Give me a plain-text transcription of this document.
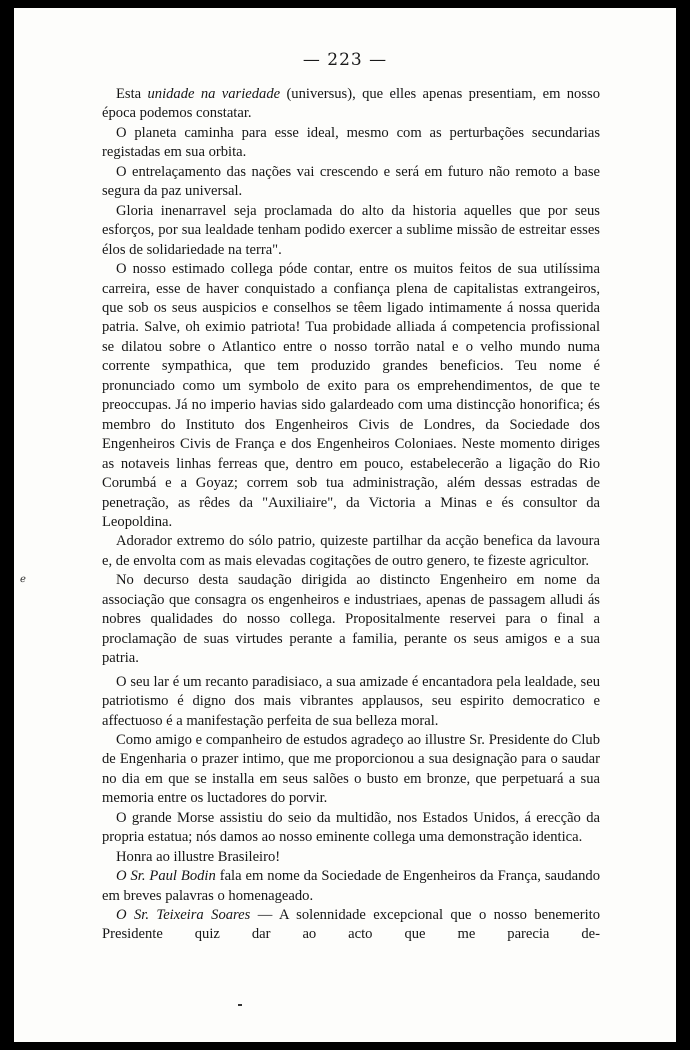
— 223 —

Esta unidade na variedade (universus), que elles apenas presentiam, em nosso época podemos constatar.

O planeta caminha para esse ideal, mesmo com as perturbações secundarias registadas em sua orbita.

O entrelaçamento das nações vai crescendo e será em futuro não remoto a base segura da paz universal.

Gloria inenarravel seja proclamada do alto da historia aquelles que por seus esforços, por sua lealdade tenham podido exercer a sublime missão de estreitar esses élos de solidariedade na terra".

O nosso estimado collega póde contar, entre os muitos feitos de sua utilíssima carreira, esse de haver conquistado a confiança plena de capitalistas extrangeiros, que sob os seus auspicios e conselhos se têem ligado intimamente á nossa querida patria. Salve, oh eximio patriota! Tua probidade alliada á competencia profissional se dilatou sobre o Atlantico entre o nosso torrão natal e o velho mundo numa corrente sympathica, que tem produzido grandes beneficios. Teu nome é pronunciado como um symbolo de exito para os emprehendimentos, de que te preoccupas. Já no imperio havias sido galardeado com uma distincção honorifica; és membro do Instituto dos Engenheiros Civis de Londres, da Sociedade dos Engenheiros Civis de França e dos Engenheiros Coloniaes. Neste momento diriges as notaveis linhas ferreas que, dentro em pouco, estabelecerão a ligação do Rio Corumbá e a Goyaz; correm sob tua administração, além dessas estradas de penetração, as rêdes da "Auxiliaire", da Victoria a Minas e és consultor da Leopoldina.

Adorador extremo do sólo patrio, quizeste partilhar da acção benefica da lavoura e, de envolta com as mais elevadas cogitações de outro genero, te fizeste agricultor.

No decurso desta saudação dirigida ao distincto Engenheiro em nome da associação que consagra os engenheiros e industriaes, apenas de passagem alludi ás nobres qualidades do nosso collega. Propositalmente reservei para o final a proclamação de suas virtudes perante a familia, perante os seus amigos e a sua patria.

O seu lar é um recanto paradisiaco, a sua amizade é encantadora pela lealdade, seu patriotismo é digno dos mais vibrantes applausos, seu espirito democratico e affectuoso é a manifestação perfeita de sua belleza moral.

Como amigo e companheiro de estudos agradeço ao illustre Sr. Presidente do Club de Engenharia o prazer intimo, que me proporcionou a sua designação para o saudar no dia em que se installa em seus salões o busto em bronze, que perpetuará a sua memoria entre os luctadores do porvir.

O grande Morse assistiu do seio da multidão, nos Estados Unidos, á erecção da propria estatua; nós damos ao nosso eminente collega uma demonstração identica.

Honra ao illustre Brasileiro!

O Sr. Paul Bodin fala em nome da Sociedade de Engenheiros da França, saudando em breves palavras o homenageado.

O Sr. Teixeira Soares — A solennidade excepcional que o nosso benemerito Presidente quiz dar ao acto que me parecia de-

ℯ
